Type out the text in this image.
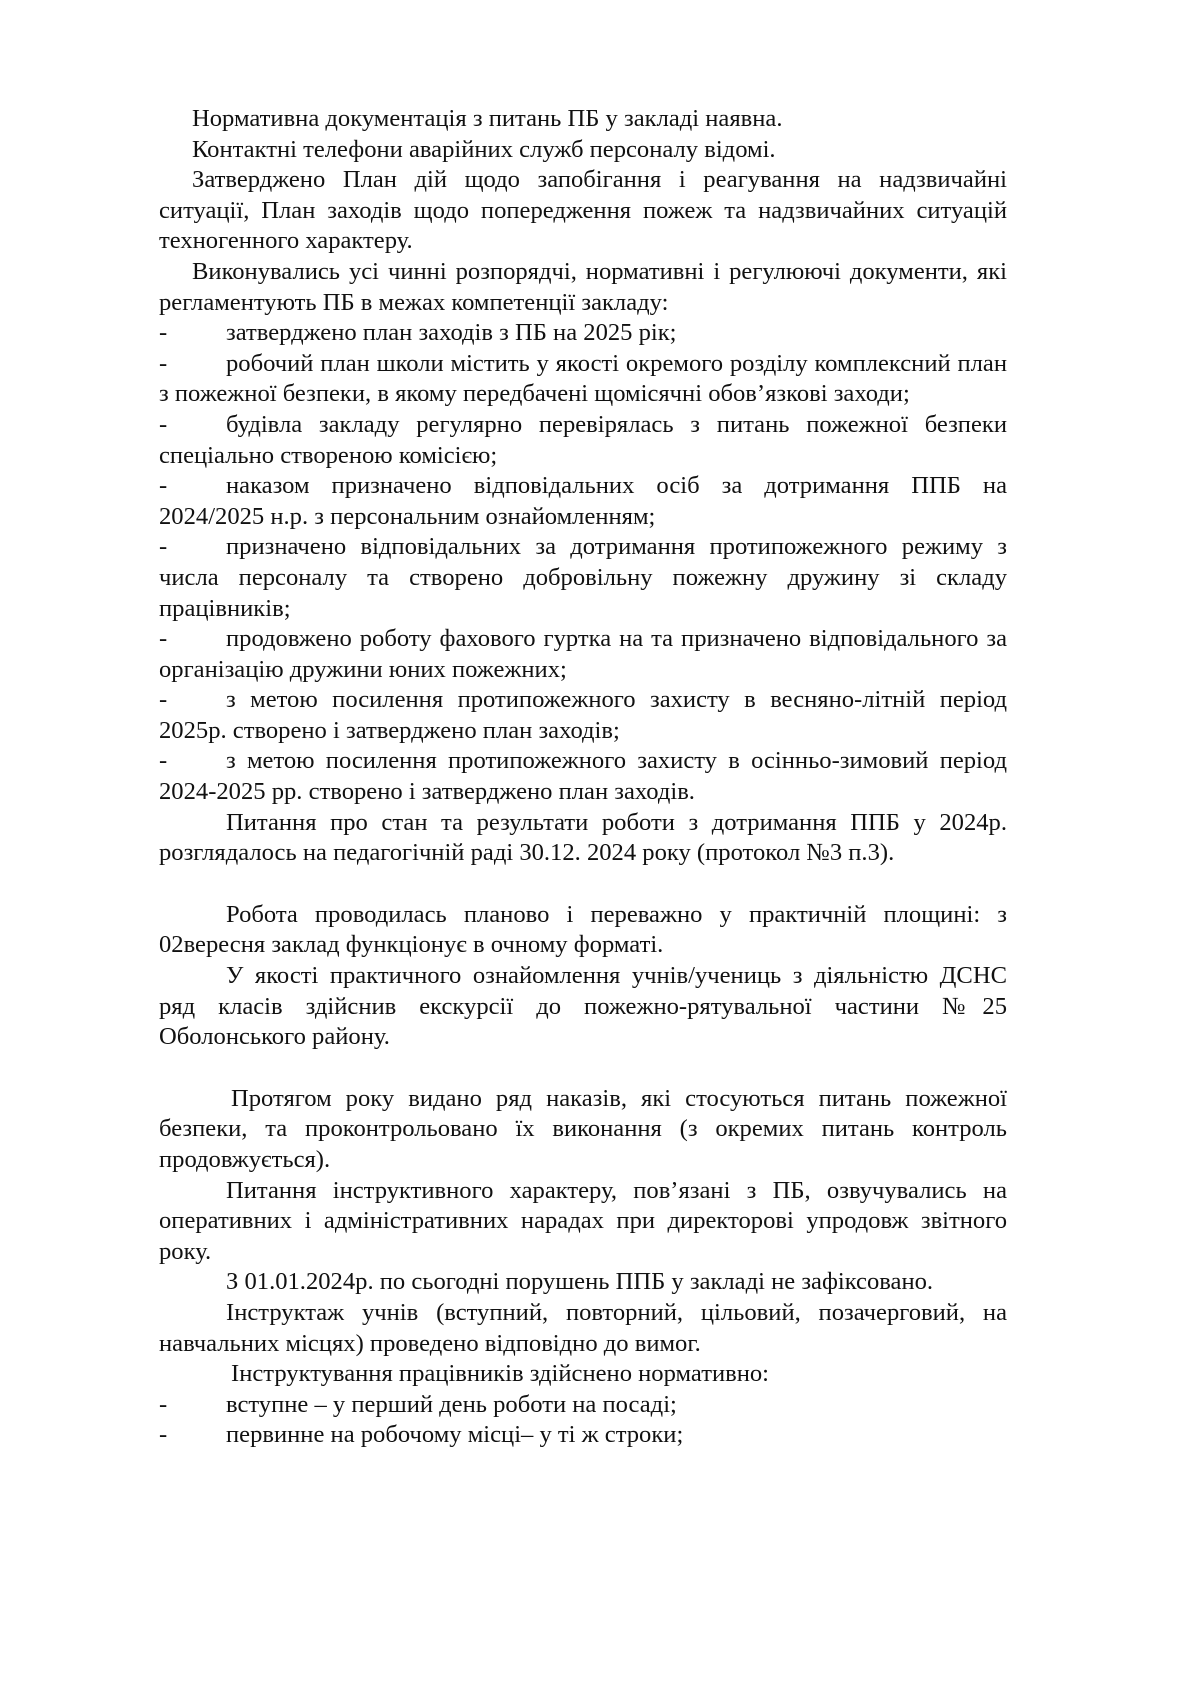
Нормативна документація з питань ПБ у закладі наявна.

Контактні телефони аварійних служб персоналу відомі.

Затверджено План дій щодо запобігання і реагування на надзвичайні ситуації, План заходів щодо попередження пожеж та надзвичайних ситуацій техногенного характеру.

Виконувались усі чинні розпорядчі, нормативні і регулюючі документи, які регламентують ПБ в межах компетенції закладу:

- затверджено план заходів з ПБ на 2025 рік;

- робочий план школи містить у якості окремого розділу комплексний план з пожежної безпеки, в якому передбачені щомісячні обов’язкові заходи;

- будівла закладу регулярно перевірялась з питань пожежної безпеки спеціально створеною комісією;

- наказом призначено відповідальних осіб за дотримання ППБ на 2024/2025 н.р. з персональним ознайомленням;

- призначено відповідальних за дотримання протипожежного режиму з числа персоналу та створено добровільну пожежну дружину зі складу працівників;

- продовжено роботу фахового гуртка на та призначено відповідального за організацію дружини юних пожежних;

- з метою посилення протипожежного захисту в весняно-літній період 2025р. створено і затверджено план заходів;

- з метою посилення протипожежного захисту в осінньо-зимовий період 2024-2025 рр. створено і затверджено план заходів.

Питання про стан та результати роботи з дотримання ППБ у 2024р. розглядалось на педагогічній раді 30.12. 2024 року (протокол №3 п.3).

Робота проводилась планово і переважно у практичній площині: з 02вересня заклад функціонує в очному форматі.

У якості практичного ознайомлення учнів/учениць з діяльністю ДСНС ряд класів здійснив екскурсії до пожежно-рятувальної частини №25 Оболонського району.

Протягом року видано ряд наказів, які стосуються питань пожежної безпеки, та проконтрольовано їх виконання (з окремих питань контроль продовжується).

Питання інструктивного характеру, пов’язані з ПБ, озвучувались на оперативних і адміністративних нарадах при директорові упродовж звітного року.

З 01.01.2024р. по сьогодні порушень ППБ у закладі не зафіксовано.

Інструктаж учнів (вступний, повторний, цільовий, позачерговий, на навчальних місцях) проведено відповідно до вимог.

Інструктування працівників здійснено нормативно:

- вступне – у перший день роботи на посаді;

- первинне на робочому місці– у ті ж строки;
